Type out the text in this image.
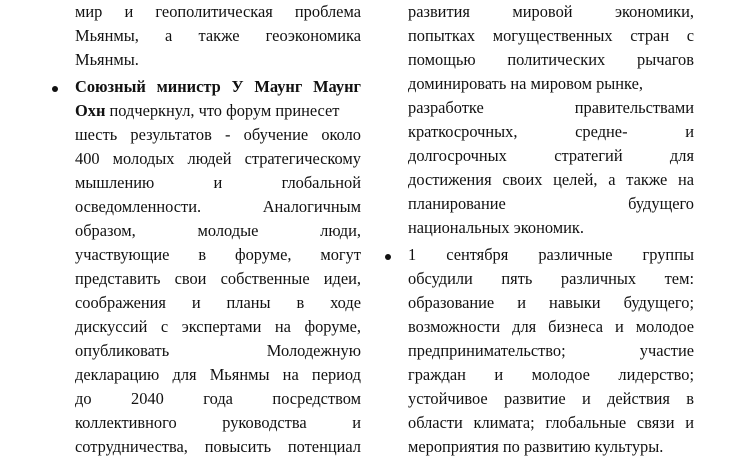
мир и геополитическая проблема
Мьянмы, а также геоэкономика
Мьянмы.
Союзный министр У Маунг Маунг
Охн подчеркнул, что форум принесет
шесть результатов - обучение около
400 молодых людей стратегическому
мышлению и глобальной
осведомленности. Аналогичным
образом, молодые люди,
участвующие в форуме, могут
представить свои собственные идеи,
соображения и планы в ходе
дискуссий с экспертами на форуме,
опубликовать Молодежную
декларацию для Мьянмы на период
до 2040 года посредством
коллективного руководства и
сотрудничества, повысить потенциал
развития мировой экономики,
попытках могущественных стран с
помощью политических рычагов
доминировать на мировом рынке,
разработке правительствами
краткосрочных, средне- и
долгосрочных стратегий для
достижения своих целей, а также на
планирование будущего
национальных экономик.
1 сентября различные группы
обсудили пять различных тем:
образование и навыки будущего;
возможности для бизнеса и молодое
предпринимательство; участие
граждан и молодое лидерство;
устойчивое развитие и действия в
области климата; глобальные связи и
мероприятия по развитию культуры.
